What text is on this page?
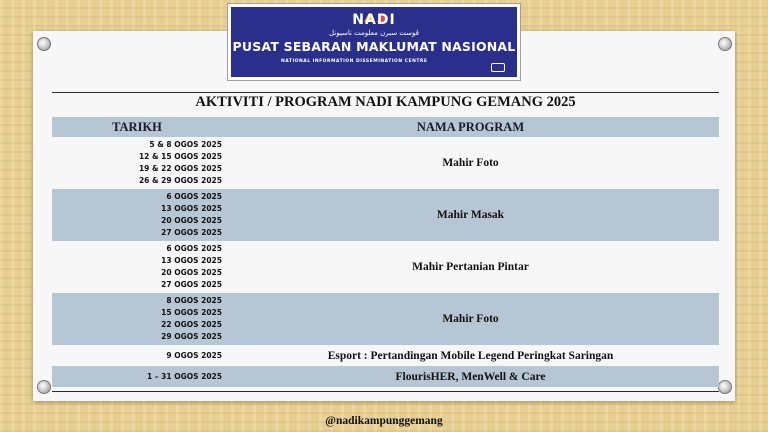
NADI
ڤوست سبرن معلومت ناسيونل
PUSAT SEBARAN MAKLUMAT NASIONAL
NATIONAL INFORMATION DISSEMINATION CENTRE
AKTIVITI / PROGRAM NADI KAMPUNG GEMANG 2025
TARIKH	NAMA PROGRAM

5 & 8 OGOS 2025
12 & 15 OGOS 2025
19 & 22 OGOS 2025
26 & 29 OGOS 2025	Mahir Foto

6 OGOS 2025
13 OGOS 2025
20 OGOS 2025
27 OGOS 2025	Mahir Masak

6 OGOS 2025
13 OGOS 2025
20 OGOS 2025
27 OGOS 2025	Mahir Pertanian Pintar

8 OGOS 2025
15 OGOS 2025
22 OGOS 2025
29 OGOS 2025	Mahir Foto

9 OGOS 2025	Esport : Pertandingan Mobile Legend Peringkat Saringan

1 – 31 OGOS 2025	FlourisHER, MenWell & Care
@nadikampunggemang
